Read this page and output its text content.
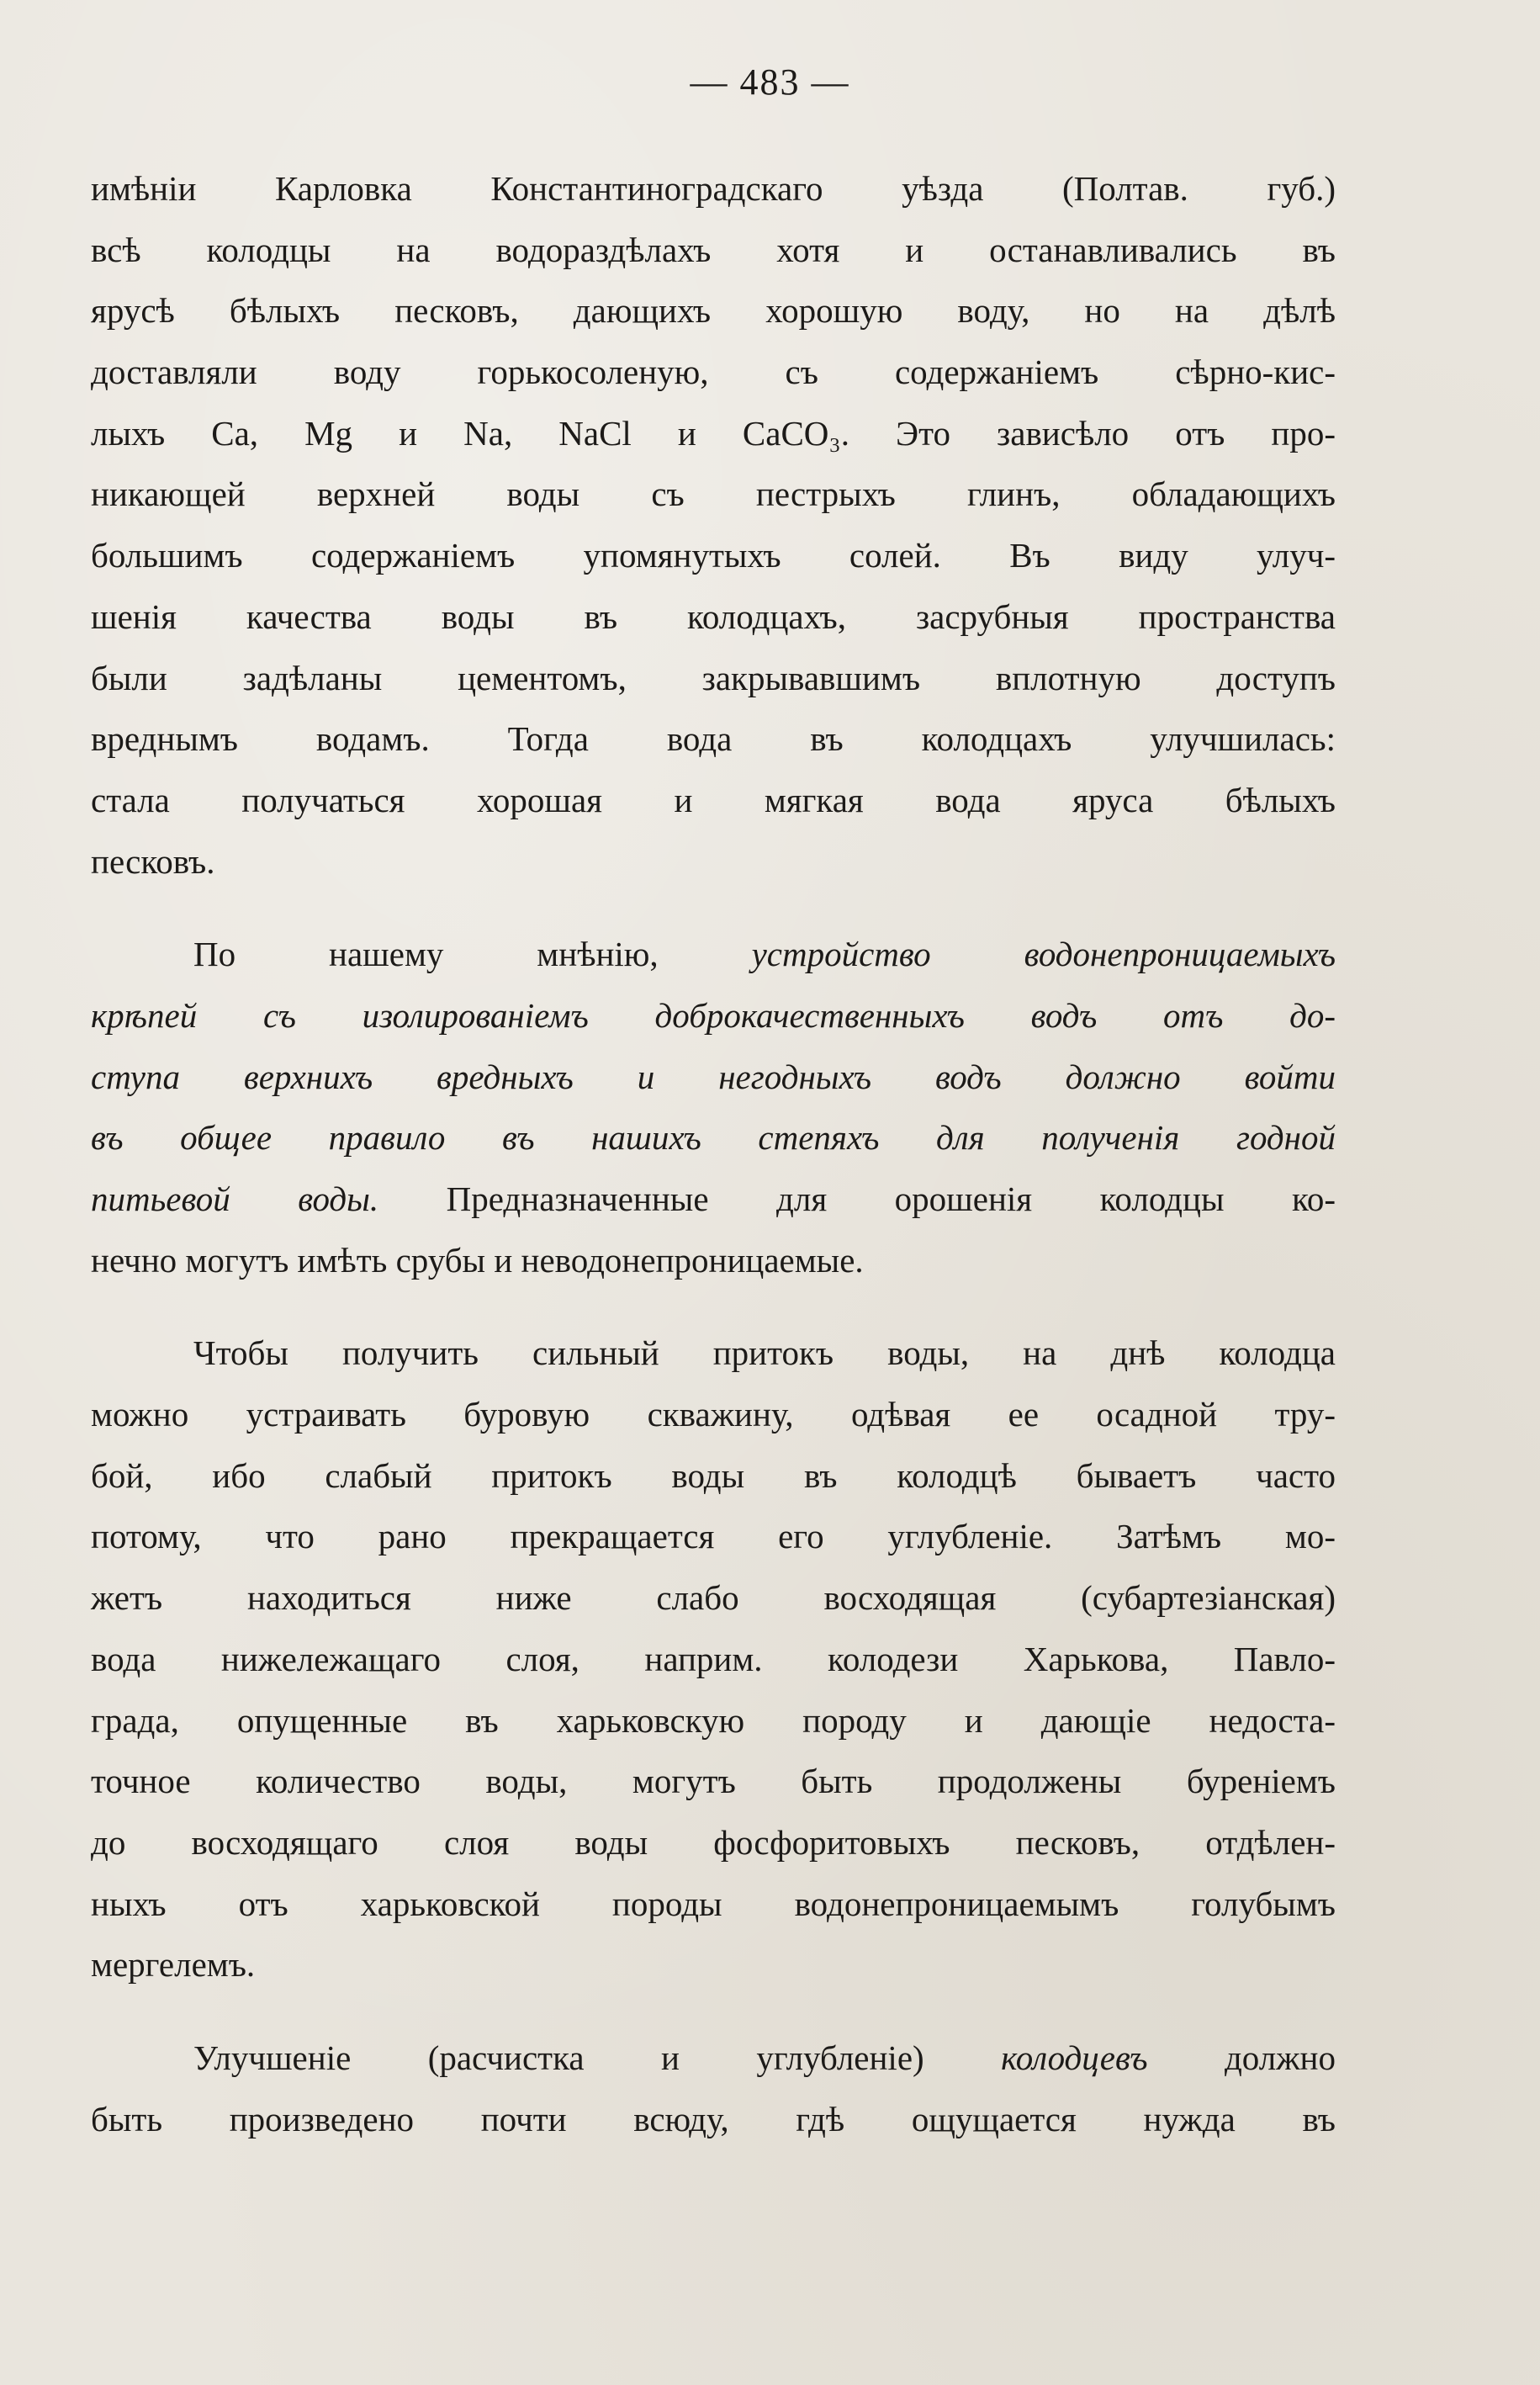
— 483 —
имѣніи Карловка Константиноградскаго уѣзда (Полтав. губ.)
всѣ колодцы на водораздѣлахъ хотя и останавливались въ
ярусѣ бѣлыхъ песковъ, дающихъ хорошую воду, но на дѣлѣ
доставляли воду горькосоленую, съ содержаніемъ сѣрно-кис-
лыхъ Ca, Mg и Na, NaCl и CaCO₃. Это зависѣло отъ про-
никающей верхней воды съ пестрыхъ глинъ, обладающихъ
большимъ содержаніемъ упомянутыхъ солей. Въ виду улуч-
шенія качества воды въ колодцахъ, засрубныя пространства
были задѣланы цементомъ, закрывавшимъ вплотную доступъ
вреднымъ водамъ. Тогда вода въ колодцахъ улучшилась:
стала получаться хорошая и мягкая вода яруса бѣлыхъ
песковъ.
По нашему мнѣнію, устройство водонепроницаемыхъ
крѣпей съ изолированіемъ доброкачественныхъ водъ отъ до-
ступа верхнихъ вредныхъ и негодныхъ водъ должно войти
въ общее правило въ нашихъ степяхъ для полученія годной
питьевой воды. Предназначенные для орошенія колодцы ко-
нечно могутъ имѣть срубы и неводонепроницаемые.
Чтобы получить сильный притокъ воды, на днѣ колодца
можно устраивать буровую скважину, одѣвая ее осадной тру-
бой, ибо слабый притокъ воды въ колодцѣ бываетъ часто
потому, что рано прекращается его углубленіе. Затѣмъ мо-
жетъ находиться ниже слабо восходящая (субартезіанская)
вода нижележащаго слоя, наприм. колодези Харькова, Павло-
града, опущенные въ харьковскую породу и дающіе недоста-
точное количество воды, могутъ быть продолжены буреніемъ
до восходящаго слоя воды фосфоритовыхъ песковъ, отдѣлен-
ныхъ отъ харьковской породы водонепроницаемымъ голубымъ
мергелемъ.
Улучшеніе (расчистка и углубленіе) колодцевъ должно
быть произведено почти всюду, гдѣ ощущается нужда въ
